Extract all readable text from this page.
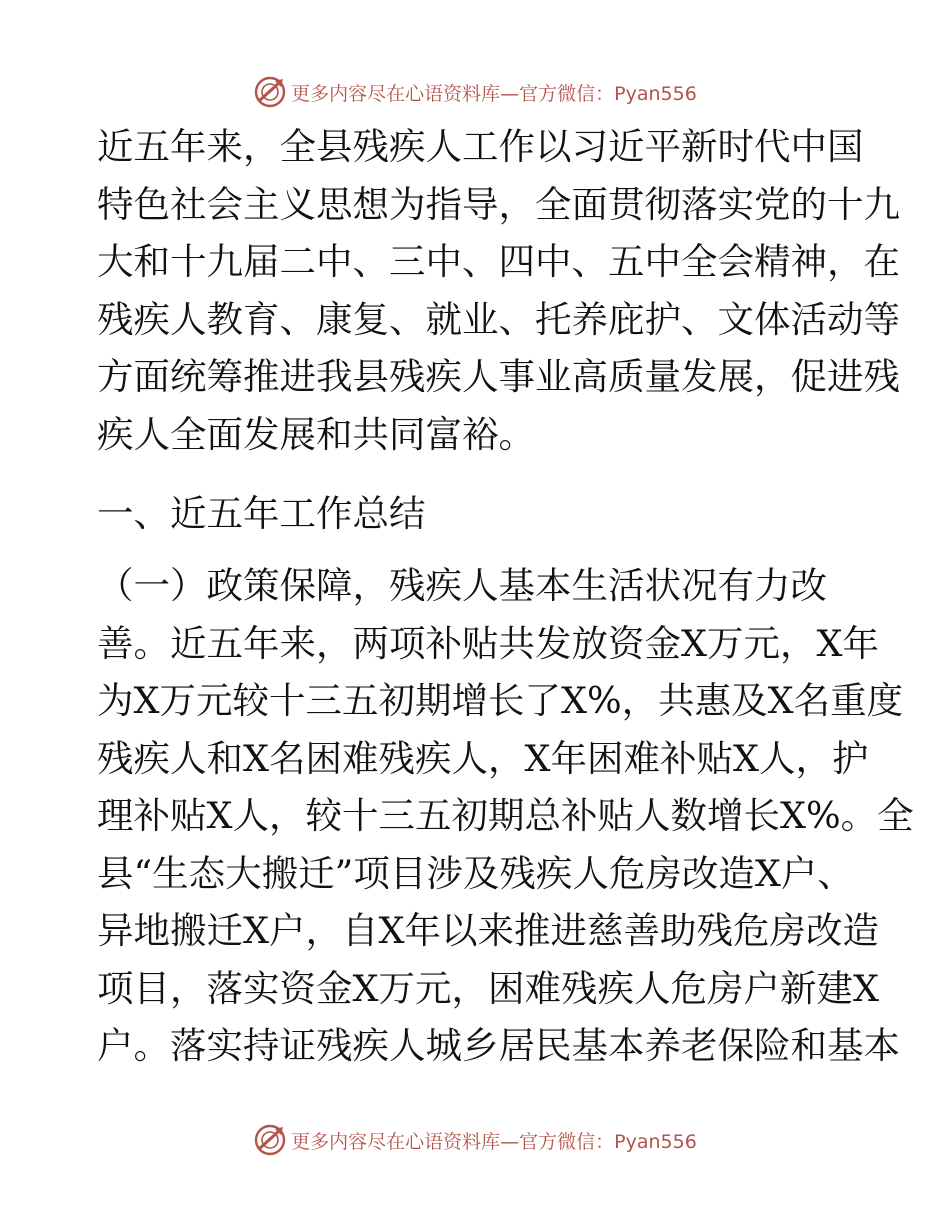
更多内容尽在心语资料库—官方微信：Pyan556
近五年来，全县残疾人工作以习近平新时代中国
特色社会主义思想为指导，全面贯彻落实党的十九
大和十九届二中、三中、四中、五中全会精神，在
残疾人教育、康复、就业、托养庇护、文体活动等
方面统筹推进我县残疾人事业高质量发展，促进残
疾人全面发展和共同富裕。
一、近五年工作总结
（一）政策保障，残疾人基本生活状况有力改
善。近五年来，两项补贴共发放资金X万元，X年
为X万元较十三五初期增长了X%，共惠及X名重度
残疾人和X名困难残疾人，X年困难补贴X人，护
理补贴X人，较十三五初期总补贴人数增长X%。全
县“生态大搬迁”项目涉及残疾人危房改造X户、
异地搬迁X户，自X年以来推进慈善助残危房改造
项目，落实资金X万元，困难残疾人危房户新建X
户。落实持证残疾人城乡居民基本养老保险和基本
更多内容尽在心语资料库—官方微信：Pyan556
